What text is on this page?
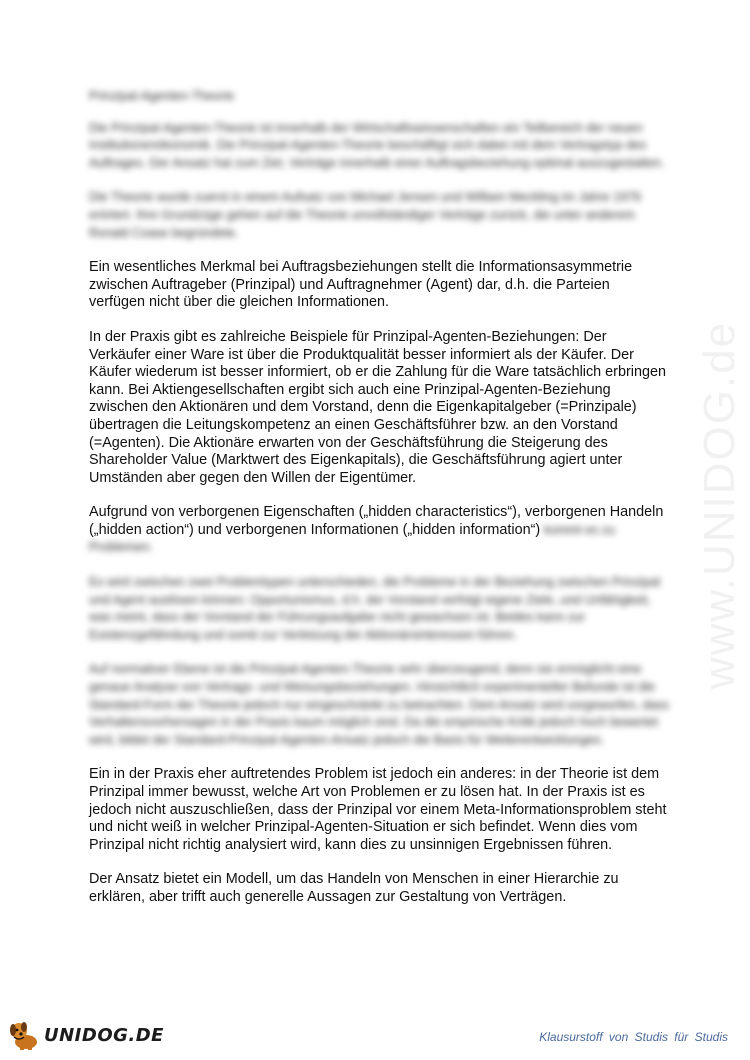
www.UNIDOG.de
Prinzipal-Agenten-Theorie

Die Prinzipal-Agenten-Theorie ist innerhalb der Wirtschaftswissenschaften ein Teilbereich der neuen Institutionenökonomik. Die Prinzipal-Agenten-Theorie beschäftigt sich dabei mit dem Vertragstyp des Auftrages. Der Ansatz hat zum Ziel, Verträge innerhalb einer Auftragsbeziehung optimal auszugestalten.

Die Theorie wurde zuerst in einem Aufsatz von Michael Jensen und William Meckling im Jahre 1976 erörtert. Ihre Grundzüge gehen auf die Theorie unvollständiger Verträge zurück, die unter anderem Ronald Coase begründete.

Ein wesentliches Merkmal bei Auftragsbeziehungen stellt die Informationsasymmetrie zwischen Auftrageber (Prinzipal) und Auftragnehmer (Agent) dar, d.h. die Parteien verfügen nicht über die gleichen Informationen.

In der Praxis gibt es zahlreiche Beispiele für Prinzipal-Agenten-Beziehungen: Der Verkäufer einer Ware ist über die Produktqualität besser informiert als der Käufer. Der Käufer wiederum ist besser informiert, ob er die Zahlung für die Ware tatsächlich erbringen kann. Bei Aktiengesellschaften ergibt sich auch eine Prinzipal-Agenten-Beziehung zwischen den Aktionären und dem Vorstand, denn die Eigenkapitalgeber (=Prinzipale) übertragen die Leitungskompetenz an einen Geschäftsführer bzw. an den Vorstand (=Agenten). Die Aktionäre erwarten von der Geschäftsführung die Steigerung des Shareholder Value (Marktwert des Eigenkapitals), die Geschäftsführung agiert unter Umständen aber gegen den Willen der Eigentümer.

Aufgrund von verborgenen Eigenschaften („hidden characteristics“), verborgenen Handeln („hidden action“) und verborgenen Informationen („hidden information“) kommt es zu Problemen.

Es wird zwischen zwei Problemtypen unterschieden, die Probleme in der Beziehung zwischen Prinzipal und Agent auslösen können: Opportunismus, d.h. der Vorstand verfolgt eigene Ziele, und Unfähigkeit, was meint, dass der Vorstand der Führungsaufgabe nicht gewachsen ist. Beides kann zur Existenzgefährdung und somit zur Verletzung der Aktionärsinteressen führen.

Auf normativer Ebene ist die Prinzipal-Agenten-Theorie sehr überzeugend, denn sie ermöglicht eine genaue Analyse von Vertrags- und Weisungsbeziehungen. Hinsichtlich experimenteller Befunde ist die Standard-Form der Theorie jedoch nur eingeschränkt zu betrachten. Dem Ansatz wird vorgeworfen, dass Verhaltensvorhersagen in der Praxis kaum möglich sind. Da die empirische Kritik jedoch hoch bewertet wird, bildet der Standard-Prinzipal-Agenten-Ansatz jedoch die Basis für Weiterentwicklungen.

Ein in der Praxis eher auftretendes Problem ist jedoch ein anderes: in der Theorie ist dem Prinzipal immer bewusst, welche Art von Problemen er zu lösen hat. In der Praxis ist es jedoch nicht auszuschließen, dass der Prinzipal vor einem Meta-Informationsproblem steht und nicht weiß in welcher Prinzipal-Agenten-Situation er sich befindet. Wenn dies vom Prinzipal nicht richtig analysiert wird, kann dies zu unsinnigen Ergebnissen führen.

Der Ansatz bietet ein Modell, um das Handeln von Menschen in einer Hierarchie zu erklären, aber trifft auch generelle Aussagen zur Gestaltung von Verträgen.

UNIDOG.DE	Klausurstoff von Studis für Studis
